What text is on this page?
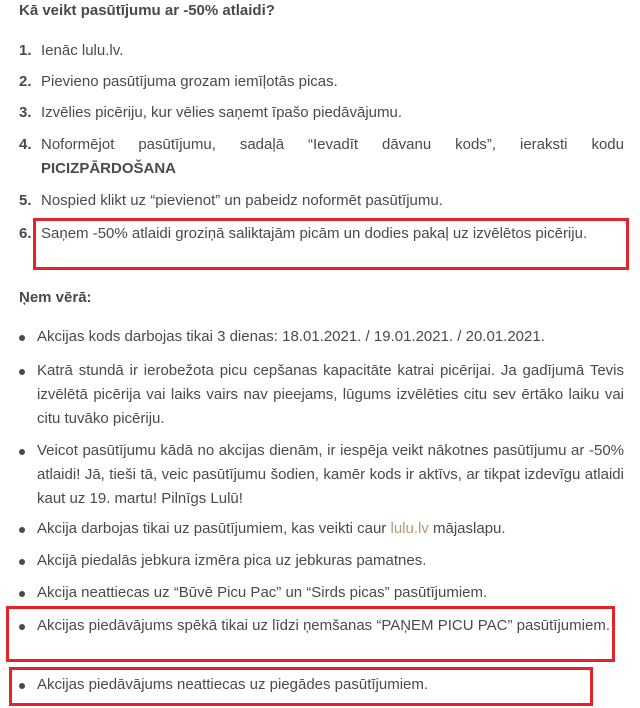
Kā veikt pasūtījumu ar -50% atlaidi?
1. Ienāc lulu.lv.
2. Pievieno pasūtījuma grozam iemīļotās picas.
3. Izvēlies picēriju, kur vēlies saņemt īpašo piedāvājumu.
4. Noformējot pasūtījumu, sadaļā “Ievadīt dāvanu kods”, ieraksti kodu PICIZPĀRDOŠANA
5. Nospied klikt uz “pievienot” un pabeidz noformēt pasūtījumu.
6. Saņem -50% atlaidi groziņā saliktajām picām un dodies pakaļ uz izvēlētos picēriju.
Ņem vērā:
Akcijas kods darbojas tikai 3 dienas: 18.01.2021. / 19.01.2021. / 20.01.2021.
Katrā stundā ir ierobežota picu cepšanas kapacitāte katrai picērijai. Ja gadījumā Tevis izvēlētā picērija vai laiks vairs nav pieejams, lūgums izvēlēties citu sev ērtāko laiku vai citu tuvāko picēriju.
Veicot pasūtījumu kādā no akcijas dienām, ir iespēja veikt nākotnes pasūtījumu ar -50% atlaidi! Jā, tieši tā, veic pasūtījumu šodien, kamēr kods ir aktīvs, ar tikpat izdevīgu atlaidi kaut uz 19. martu! Pilnīgs Lulū!
Akcija darbojas tikai uz pasūtījumiem, kas veikti caur lulu.lv mājaslapu.
Akcijā piedalās jebkura izmēra pica uz jebkuras pamatnes.
Akcija neattiecas uz “Būvē Picu Pac” un “Sirds picas” pasūtījumiem.
Akcijas piedāvājums spēkā tikai uz līdzi ņemšanas “PAŅEM PICU PAC” pasūtījumiem.
Akcijas piedāvājums neattiecas uz piegādes pasūtījumiem.
